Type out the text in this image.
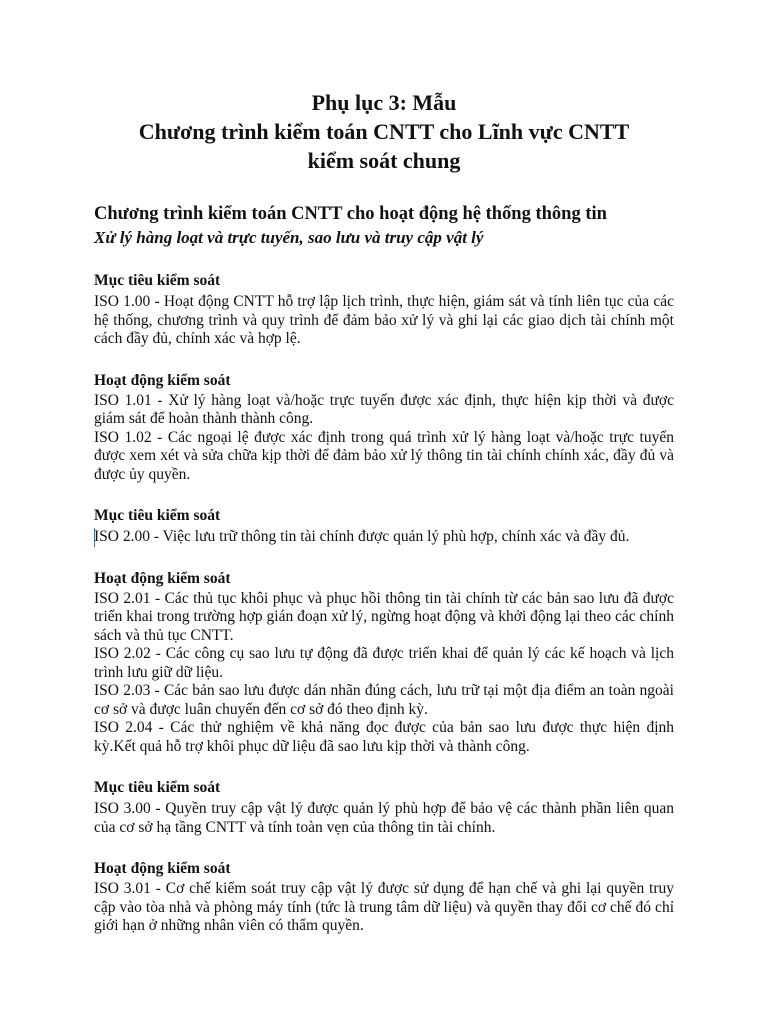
Phụ lục 3: Mẫu
Chương trình kiểm toán CNTT cho Lĩnh vực CNTT
kiểm soát chung
Chương trình kiểm toán CNTT cho hoạt động hệ thống thông tin
Xử lý hàng loạt và trực tuyến, sao lưu và truy cập vật lý
Mục tiêu kiểm soát

ISO 1.00 - Hoạt động CNTT hỗ trợ lập lịch trình, thực hiện, giám sát và tính liên tục của các hệ thống, chương trình và quy trình để đảm bảo xử lý và ghi lại các giao dịch tài chính một cách đầy đủ, chính xác và hợp lệ.

Hoạt động kiểm soát

ISO 1.01 - Xử lý hàng loạt và/hoặc trực tuyến được xác định, thực hiện kịp thời và được giám sát để hoàn thành thành công.

ISO 1.02 - Các ngoại lệ được xác định trong quá trình xử lý hàng loạt và/hoặc trực tuyến được xem xét và sửa chữa kịp thời để đảm bảo xử lý thông tin tài chính chính xác, đầy đủ và được ủy quyền.

Mục tiêu kiểm soát

ISO 2.00 - Việc lưu trữ thông tin tài chính được quản lý phù hợp, chính xác và đầy đủ.

Hoạt động kiểm soát

ISO 2.01 - Các thủ tục khôi phục và phục hồi thông tin tài chính từ các bản sao lưu đã được triển khai trong trường hợp gián đoạn xử lý, ngừng hoạt động và khởi động lại theo các chính sách và thủ tục CNTT.

ISO 2.02 - Các công cụ sao lưu tự động đã được triển khai để quản lý các kế hoạch và lịch trình lưu giữ dữ liệu.

ISO 2.03 - Các bản sao lưu được dán nhãn đúng cách, lưu trữ tại một địa điểm an toàn ngoài cơ sở và được luân chuyển đến cơ sở đó theo định kỳ.

ISO 2.04 - Các thử nghiệm về khả năng đọc được của bản sao lưu được thực hiện định kỳ.Kết quả hỗ trợ khôi phục dữ liệu đã sao lưu kịp thời và thành công.

Mục tiêu kiểm soát

ISO 3.00 - Quyền truy cập vật lý được quản lý phù hợp để bảo vệ các thành phần liên quan của cơ sở hạ tầng CNTT và tính toàn vẹn của thông tin tài chính.

Hoạt động kiểm soát

ISO 3.01 - Cơ chế kiểm soát truy cập vật lý được sử dụng để hạn chế và ghi lại quyền truy cập vào tòa nhà và phòng máy tính (tức là trung tâm dữ liệu) và quyền thay đổi cơ chế đó chỉ giới hạn ở những nhân viên có thẩm quyền.
